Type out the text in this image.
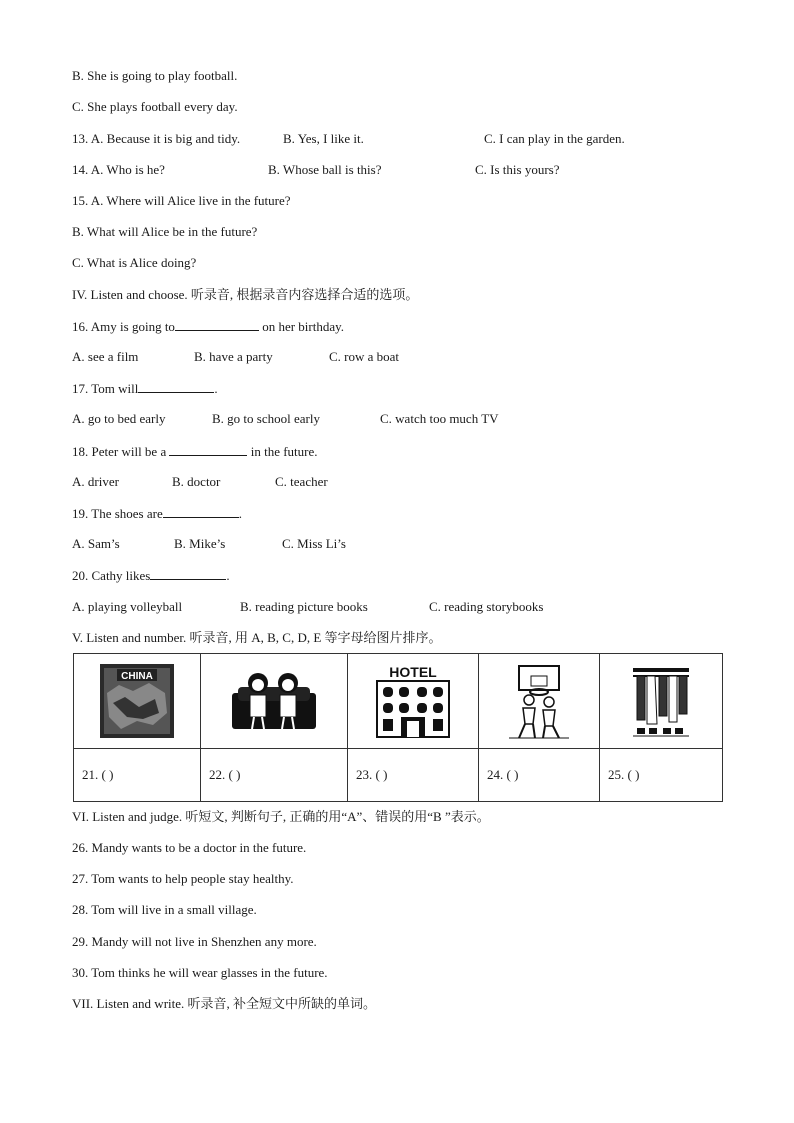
B. She is going to play football.
C. She plays football every day.
13. A. Because it is big and tidy.	B. Yes, I like it.	C. I can play in the garden.
14. A. Who is he?	B. Whose ball is this?	C. Is this yours?
15. A. Where will Alice live in the future?
B. What will Alice be in the future?
C. What is Alice doing?
IV. Listen and choose. 听录音, 根据录音内容选择合适的选项。
16. Amy is going to	on her birthday.
A. see a film	B. have a party	C. row a boat
17. Tom will	.
A. go to bed early	B. go to school early	C. watch too much TV
18. Peter will be a	in the future.
A. driver	B. doctor	C. teacher
19. The shoes are	.
A. Sam’s	B. Mike’s	C. Miss Li’s
20. Cathy likes	.
A. playing volleyball	B. reading picture books	C. reading storybooks
V. Listen and number. 听录音, 用 A, B, C, D, E 等字母给图片排序。
CHINA		HOTEL

21. ( )	22. ( )	23. ( )	24. ( )	25. ( )
VI. Listen and judge. 听短文, 判断句子, 正确的用“A”、错误的用“B ”表示。
26. Mandy wants to be a doctor in the future.
27. Tom wants to help people stay healthy.
28. Tom will live in a small village.
29. Mandy will not live in Shenzhen any more.
30. Tom thinks he will wear glasses in the future.
VII. Listen and write. 听录音, 补全短文中所缺的单词。
